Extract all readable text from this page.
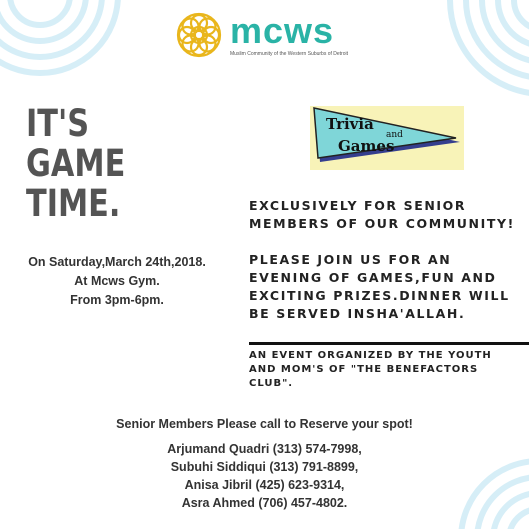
mcws
Muslim Community of the Western Suburbs of Detroit
IT'S GAME
TIME.
Trivia
and
Games
EXCLUSIVELY FOR SENIOR
MEMBERS OF OUR COMMUNITY!
PLEASE JOIN US FOR AN
EVENING OF GAMES,FUN AND
EXCITING PRIZES.DINNER WILL
BE SERVED INSHA'ALLAH.
On Saturday,March 24th,2018.
At Mcws Gym.
From 3pm-6pm.
AN EVENT ORGANIZED BY THE YOUTH
AND MOM'S OF "THE BENEFACTORS
CLUB".
Senior Members Please call to Reserve your spot!
Arjumand Quadri (313) 574-7998,
Subuhi Siddiqui (313) 791-8899,
Anisa Jibril (425) 623-9314,
Asra Ahmed (706) 457-4802.
